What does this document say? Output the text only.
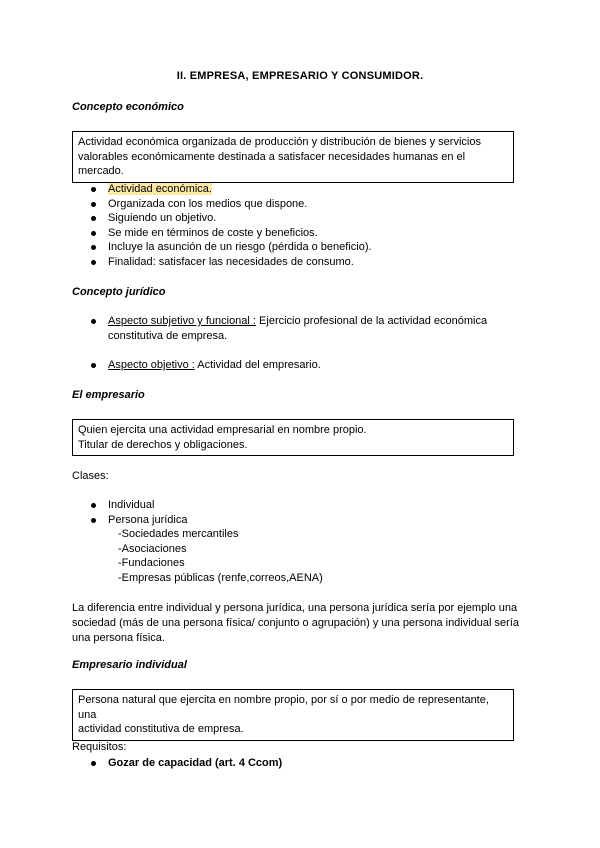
II. EMPRESA, EMPRESARIO Y CONSUMIDOR.
Concepto económico
Actividad económica organizada de producción y distribución de bienes y servicios
valorables económicamente destinada a satisfacer necesidades humanas en el mercado.
Actividad económica.
Organizada con los medios que dispone.
Siguiendo un objetivo.
Se mide en términos de coste y beneficios.
Incluye la asunción de un riesgo (pérdida o beneficio).
Finalidad: satisfacer las necesidades de consumo.
Concepto jurídico
Aspecto subjetivo y funcional : Ejercicio profesional de la actividad económica
constitutiva de empresa.
Aspecto objetivo : Actividad del empresario.
El empresario
Quien ejercita una actividad empresarial en nombre propio.
Titular de derechos y obligaciones.
Clases:
Individual
Persona jurídica
-Sociedades mercantiles
-Asociaciones
-Fundaciones
-Empresas públicas (renfe,correos,AENA)
La diferencia entre individual y persona jurídica, una persona jurídica sería por ejemplo una
sociedad (más de una persona física/ conjunto o agrupación) y una persona individual sería
una persona física.
Empresario individual
Persona natural que ejercita en nombre propio, por sí o por medio de representante, una
actividad constitutiva de empresa.
Requisitos:
Gozar de capacidad (art. 4 Ccom)
